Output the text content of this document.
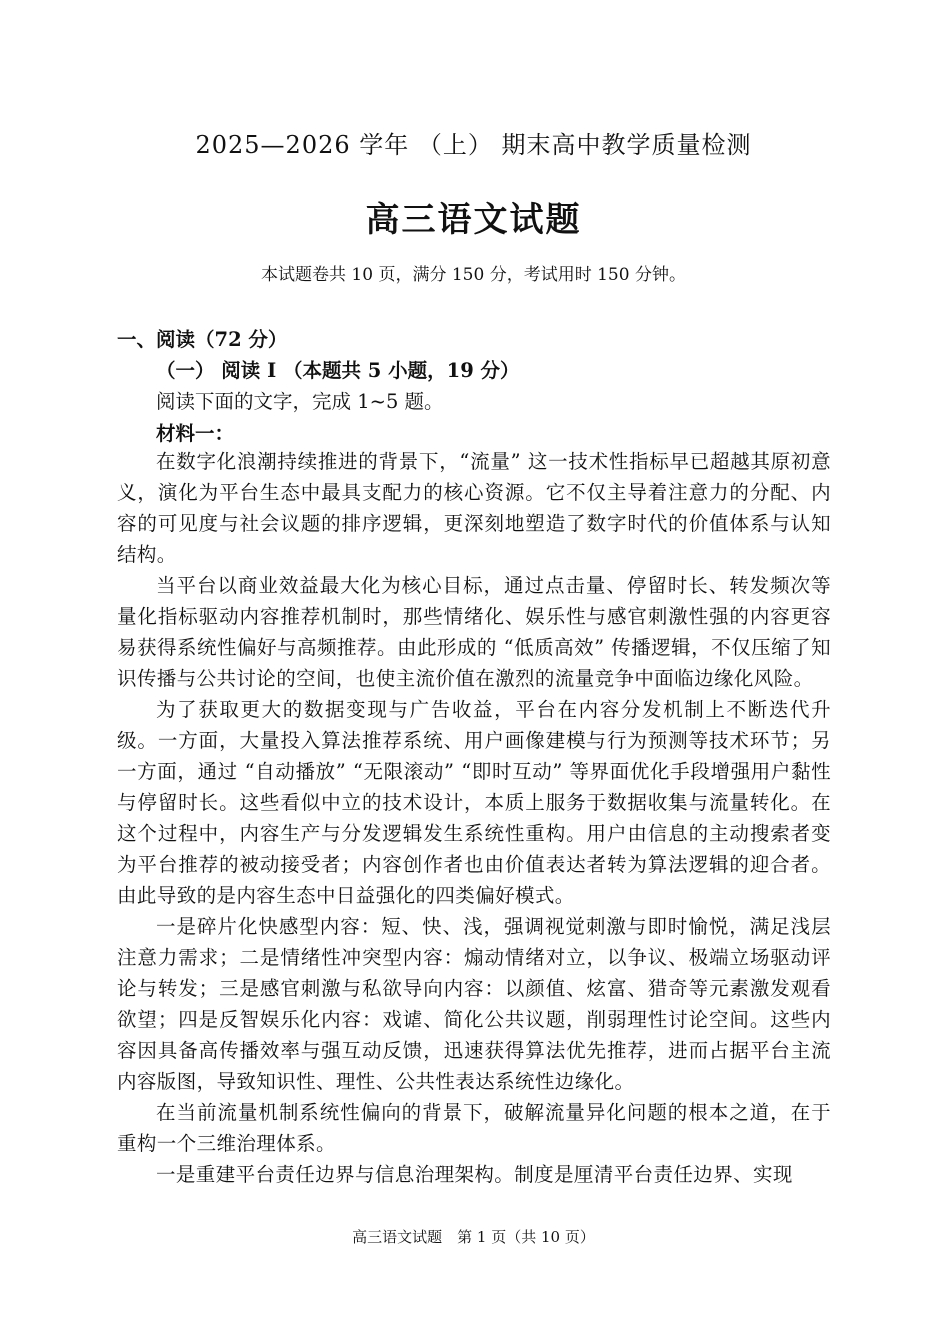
2025—2026 学年 （上） 期末高中教学质量检测
高三语文试题
本试题卷共 10 页，满分 150 分，考试用时 150 分钟。
一、阅读（72 分）
（一） 阅读 I （本题共 5 小题，19 分）
阅读下面的文字，完成 1~5 题。
材料一：

在数字化浪潮持续推进的背景下，“流量” 这一技术性指标早已超越其原初意义，演化为平台生态中最具支配力的核心资源。它不仅主导着注意力的分配、内容的可见度与社会议题的排序逻辑，更深刻地塑造了数字时代的价值体系与认知结构。

当平台以商业效益最大化为核心目标，通过点击量、停留时长、转发频次等量化指标驱动内容推荐机制时，那些情绪化、娱乐性与感官刺激性强的内容更容易获得系统性偏好与高频推荐。由此形成的 “低质高效” 传播逻辑，不仅压缩了知识传播与公共讨论的空间，也使主流价值在激烈的流量竞争中面临边缘化风险。

为了获取更大的数据变现与广告收益，平台在内容分发机制上不断迭代升级。一方面，大量投入算法推荐系统、用户画像建模与行为预测等技术环节；另一方面，通过 “自动播放” “无限滚动” “即时互动” 等界面优化手段增强用户黏性与停留时长。这些看似中立的技术设计，本质上服务于数据收集与流量转化。在这个过程中，内容生产与分发逻辑发生系统性重构。用户由信息的主动搜索者变为平台推荐的被动接受者；内容创作者也由价值表达者转为算法逻辑的迎合者。由此导致的是内容生态中日益强化的四类偏好模式。

一是碎片化快感型内容：短、快、浅，强调视觉刺激与即时愉悦，满足浅层注意力需求；二是情绪性冲突型内容：煽动情绪对立，以争议、极端立场驱动评论与转发；三是感官刺激与私欲导向内容：以颜值、炫富、猎奇等元素激发观看欲望；四是反智娱乐化内容：戏谑、简化公共议题，削弱理性讨论空间。这些内容因具备高传播效率与强互动反馈，迅速获得算法优先推荐，进而占据平台主流内容版图，导致知识性、理性、公共性表达系统性边缘化。

在当前流量机制系统性偏向的背景下，破解流量异化问题的根本之道，在于重构一个三维治理体系。

一是重建平台责任边界与信息治理架构。制度是厘清平台责任边界、实现

高三语文试题　第 1 页（共 10 页）
